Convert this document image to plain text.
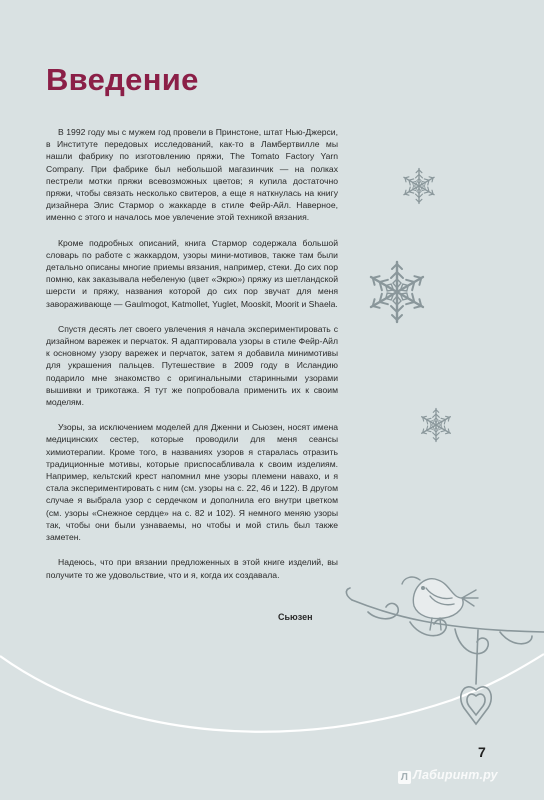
Введение

В 1992 году мы с мужем год провели в Принстоне, штат Нью-Джерси, в Институте передовых исследований, как-то в Ламбертвилле мы нашли фабрику по изготовлению пряжи, The Tomato Factory Yarn Company. При фабрике был небольшой магазинчик — на полках пестрели мотки пряжи всевозможных цветов; я купила достаточно пряжи, чтобы связать несколько свитеров, а еще я наткнулась на книгу дизайнера Элис Стармор о жаккарде в стиле Фейр-Айл. Наверное, именно с этого и началось мое увлечение этой техникой вязания.

Кроме подробных описаний, книга Стармор содержала большой словарь по работе с жаккардом, узоры мини-мотивов, также там были детально описаны многие приемы вязания, например, стеки. До сих пор помню, как заказывала небеленую (цвет «Экрю») пряжу из шетландской шерсти и пряжу, названия которой до сих пор звучат для меня завораживающе — Gaulmogot, Katmollet, Yuglet, Mooskit, Moorit и Shaela.

Спустя десять лет своего увлечения я начала экспериментировать с дизайном варежек и перчаток. Я адаптировала узоры в стиле Фейр-Айл к основному узору варежек и перчаток, затем я добавила минимотивы для украшения пальцев. Путешествие в 2009 году в Исландию подарило мне знакомство с оригинальными старинными узорами вышивки и трикотажа. Я тут же попробовала применить их к своим моделям.

Узоры, за исключением моделей для Дженни и Сьюзен, носят имена медицинских сестер, которые проводили для меня сеансы химиотерапии. Кроме того, в названиях узоров я старалась отразить традиционные мотивы, которые приспосабливала к своим изделиям. Например, кельтский крест напомнил мне узоры племени навахо, и я стала экспериментировать с ним (см. узоры на с. 22, 46 и 122). В другом случае я выбрала узор с сердечком и дополнила его внутри цветком (см. узоры «Снежное сердце» на с. 82 и 102). Я немного меняю узоры так, чтобы они были узнаваемы, но чтобы и мой стиль был также заметен.

Надеюсь, что при вязании предложенных в этой книге изделий, вы получите то же удовольствие, что и я, когда их создавала.

Сьюзен
7
Л Лабиринт.ру
